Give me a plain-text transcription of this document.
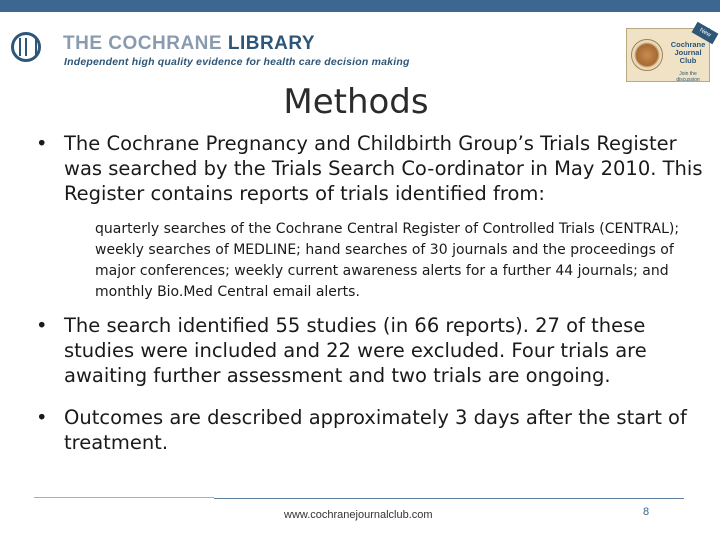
THE COCHRANE LIBRARY
Independent high quality evidence for health care decision making
Cochrane
Journal
Club
New
Join the discussion
Methods
• The Cochrane Pregnancy and Childbirth Group’s Trials Register was searched by the Trials Search Co-ordinator in May 2010. This Register contains reports of trials identified from:
quarterly searches of the Cochrane Central Register of Controlled Trials (CENTRAL); weekly searches of MEDLINE; hand searches of 30 journals and the proceedings of major conferences; weekly current awareness alerts for a further 44 journals; and monthly Bio.Med Central email alerts.
• The search identified 55 studies (in 66 reports). 27 of these studies were included and 22 were excluded. Four trials are awaiting further assessment and two trials are ongoing.
• Outcomes are described approximately 3 days after the start of treatment.
www.cochranejournalclub.com	8
